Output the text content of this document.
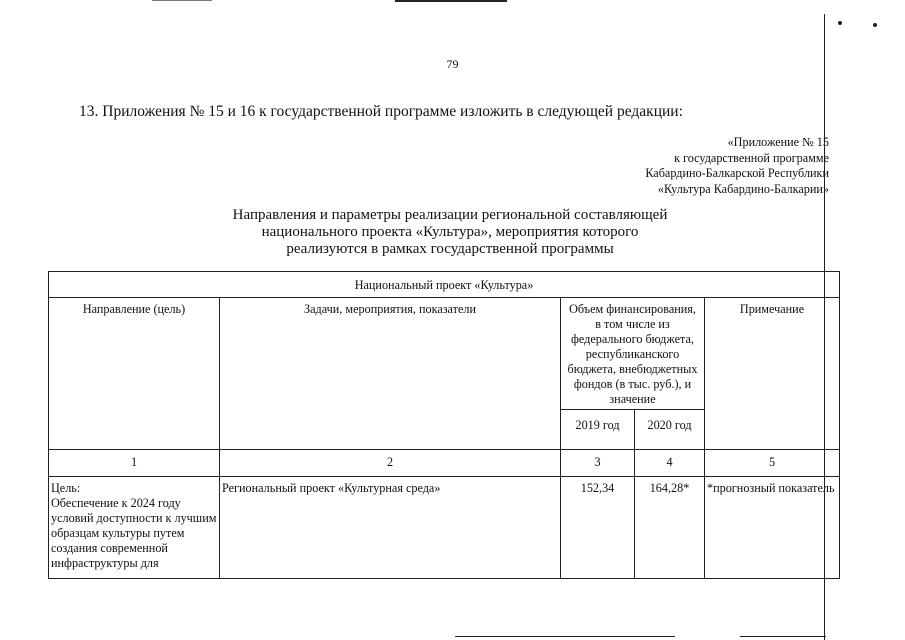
79
13. Приложения № 15 и 16 к государственной программе изложить в следующей редакции:
«Приложение № 15
к государственной программе
Кабардино-Балкарской Республики
«Культура Кабардино-Балкарии»
Направления и параметры реализации региональной составляющей
национального проекта «Культура», мероприятия которого
реализуются в рамках государственной программы
Национальный проект «Культура»				

Направление (цель)	Задачи, мероприятия, показатели	Объем финансирования, в том числе из федерального бюджета, республиканского бюджета, внебюджетных фондов (в тыс. руб.), и значение		Примечание

		2019 год	2020 год	

1	2	3	4	5

Цель:
Обеспечение к 2024 году условий доступности к лучшим образцам культуры путем создания современной инфраструктуры для	Региональный проект «Культурная среда»	152,34	164,28*	*прогнозный показатель
